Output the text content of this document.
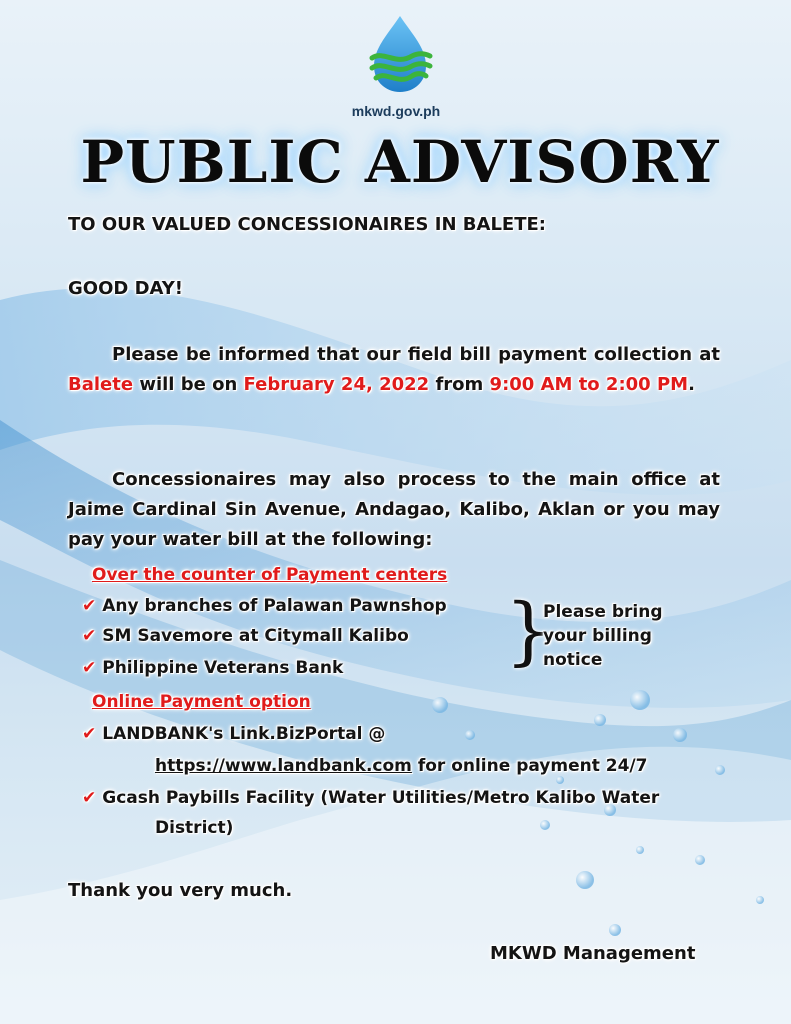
mkwd.gov.ph
PUBLIC ADVISORY
TO OUR VALUED CONCESSIONAIRES IN BALETE:
GOOD DAY!
Please be informed that our field bill payment collection at Balete will be on February 24, 2022 from 9:00 AM to 2:00 PM.
Concessionaires may also process to the main office at Jaime Cardinal Sin Avenue, Andagao, Kalibo, Aklan or you may pay your water bill at the following:
Over the counter of Payment centers
✔ Any branches of Palawan Pawnshop
✔ SM Savemore at Citymall Kalibo
✔ Philippine Veterans Bank }
Please bring
your billing
notice
Online Payment option
✔ LANDBANK's Link.BizPortal @
https://www.landbank.com for online payment 24/7
✔ Gcash Paybills Facility (Water Utilities/Metro Kalibo Water
District)
Thank you very much.
MKWD Management
